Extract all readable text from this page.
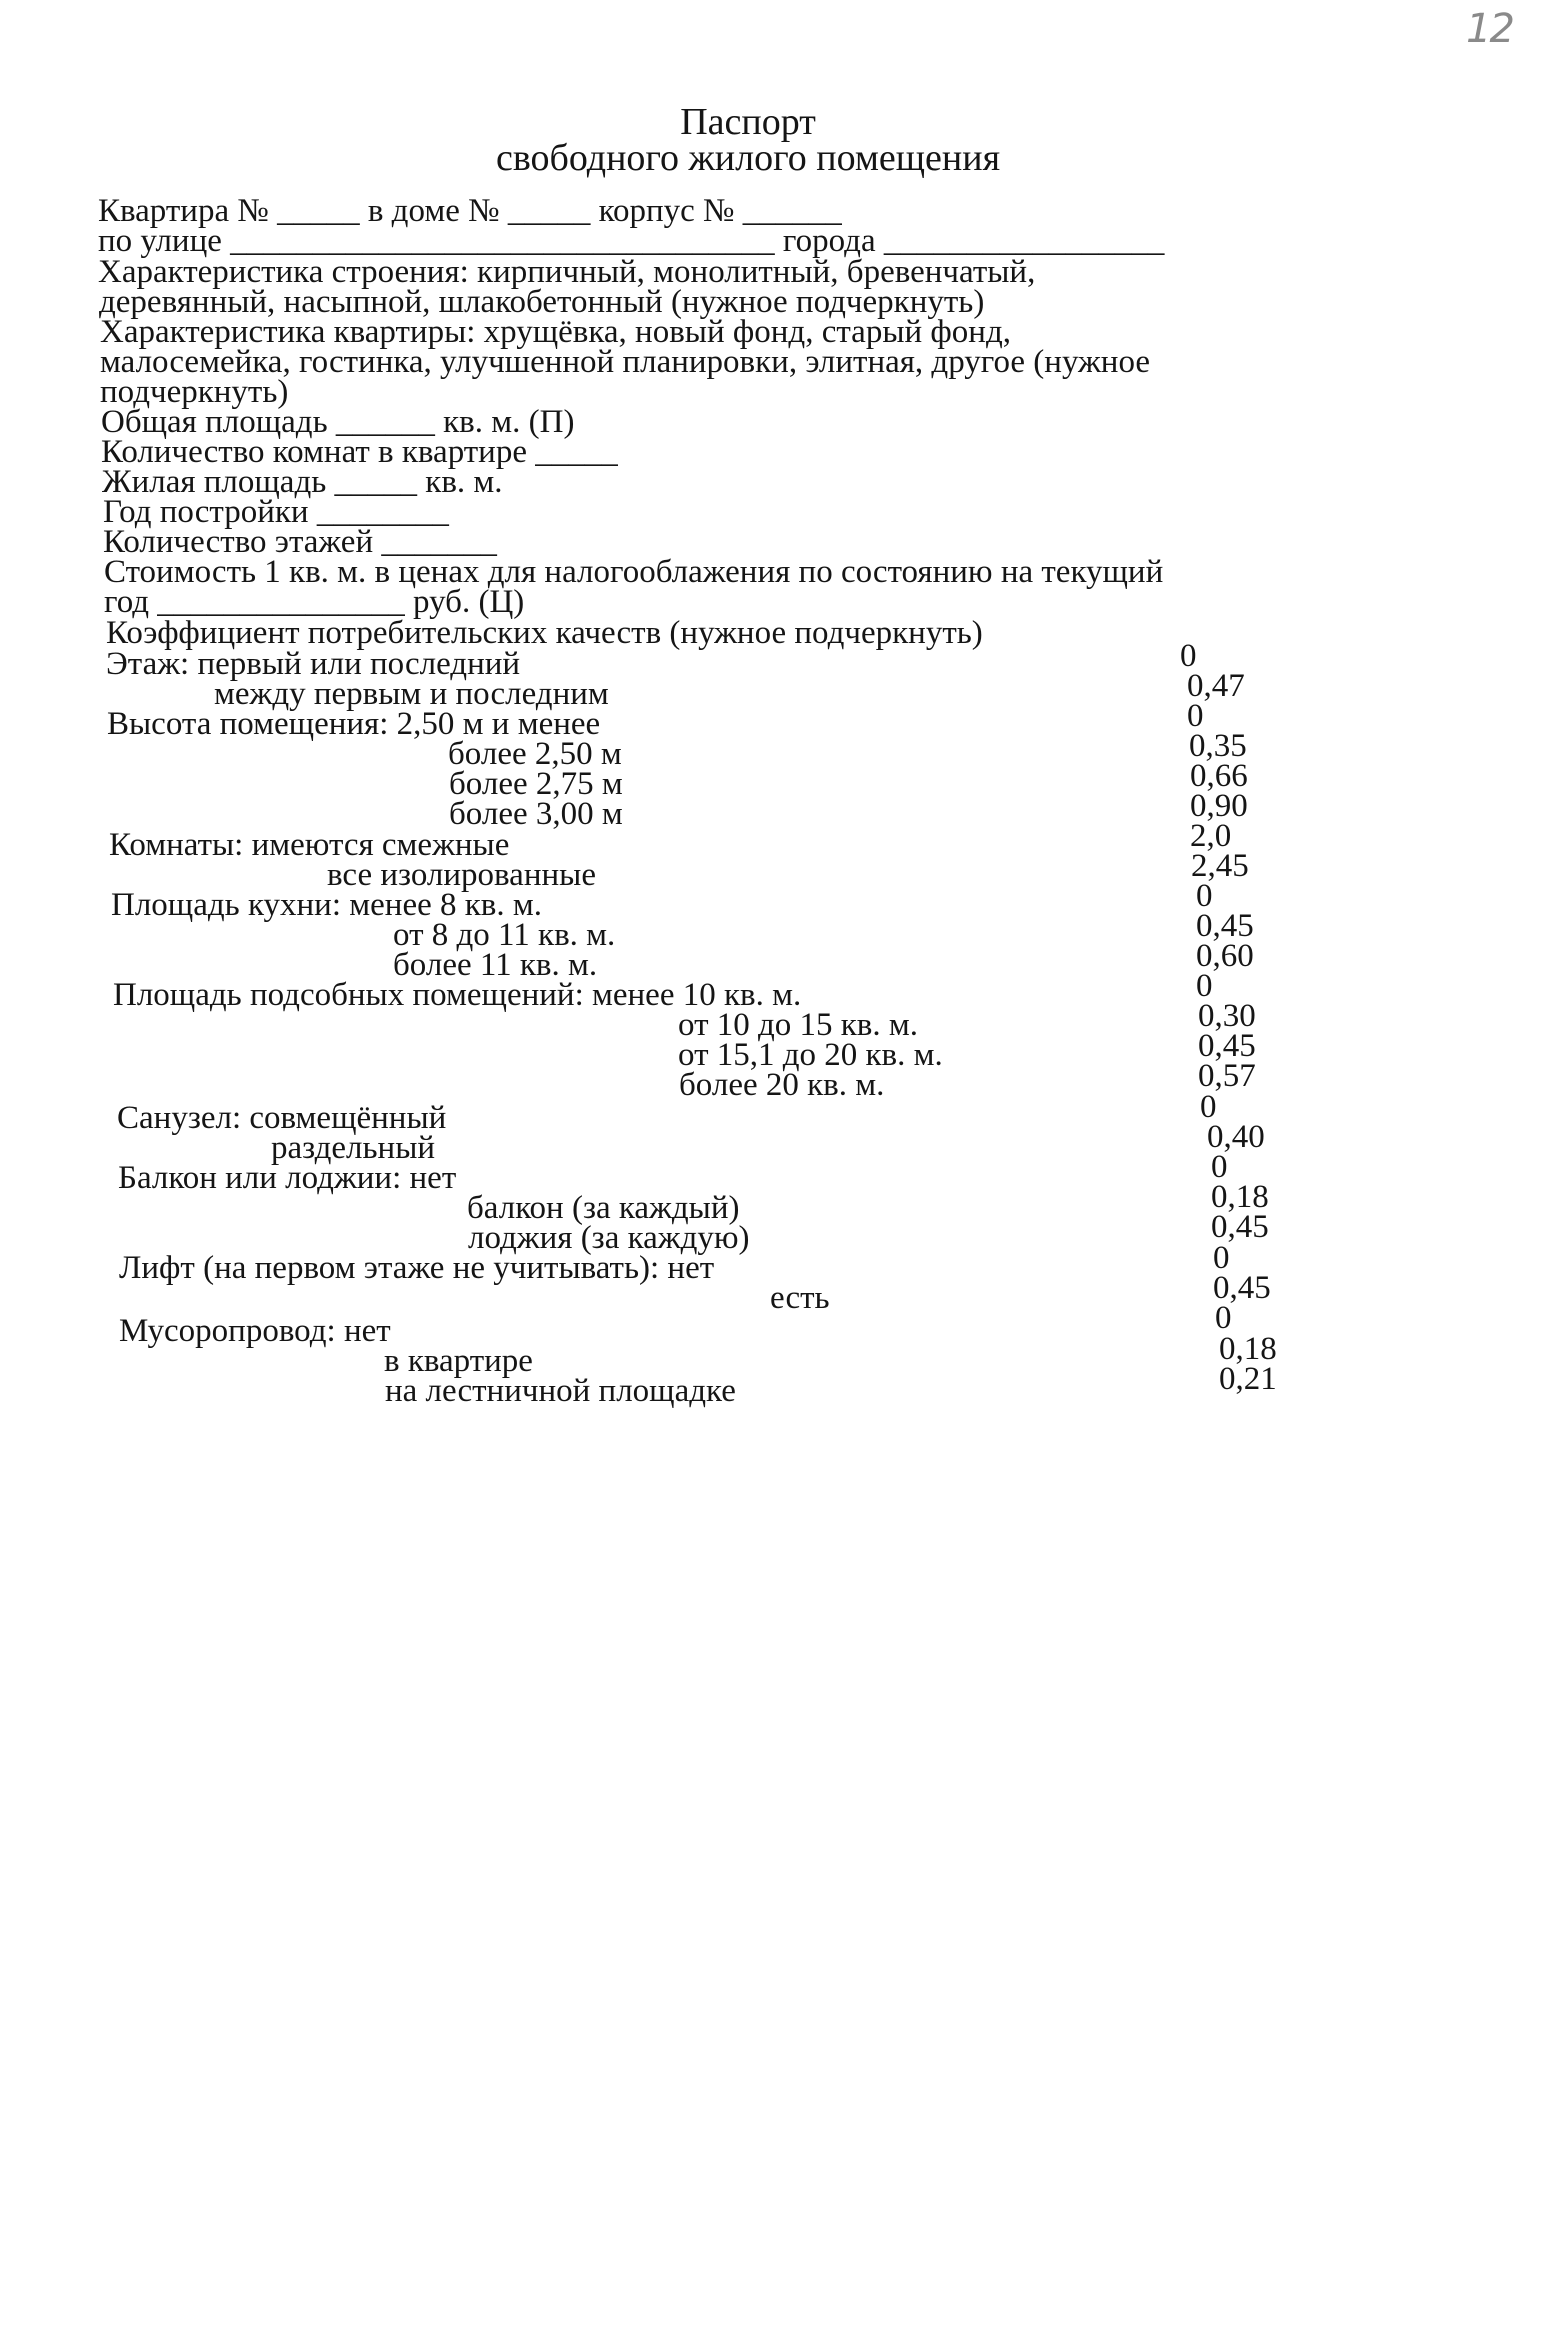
12
Паспорт
свободного жилого помещения
Квартира № _____ в доме № _____ корпус № ______
по улице _________________________________ города _________________
Характеристика строения: кирпичный, монолитный, бревенчатый,
деревянный, насыпной, шлакобетонный (нужное подчеркнуть)
Характеристика квартиры: хрущёвка, новый фонд, старый фонд,
малосемейка, гостинка, улучшенной планировки, элитная, другое (нужное
подчеркнуть)
Общая площадь ______ кв. м. (П)
Количество комнат в квартире _____
Жилая площадь _____ кв. м.
Год постройки ________
Количество этажей _______
Стоимость 1 кв. м. в ценах для налогооблажения по состоянию на текущий
год _______________ руб. (Ц)
Коэффициент потребительских качеств (нужное подчеркнуть)
Этаж: первый или последний
между первым и последним
Высота помещения: 2,50 м и менее
более 2,50 м
более 2,75 м
более 3,00 м
Комнаты: имеются смежные
все изолированные
Площадь кухни: менее 8 кв. м.
от 8 до 11 кв. м.
более 11 кв. м.
Площадь подсобных помещений: менее 10 кв. м.
от 10 до 15 кв. м.
от 15,1 до 20 кв. м.
более 20 кв. м.
Санузел: совмещённый
раздельный
Балкон или лоджии: нет
балкон (за каждый)
лоджия (за каждую)
Лифт (на первом этаже не учитывать): нет
есть
Мусоропровод: нет
в квартире
на лестничной площадке
0
0,47
0
0,35
0,66
0,90
2,0
2,45
0
0,45
0,60
0
0,30
0,45
0,57
0
0,40
0
0,18
0,45
0
0,45
0
0,18
0,21
